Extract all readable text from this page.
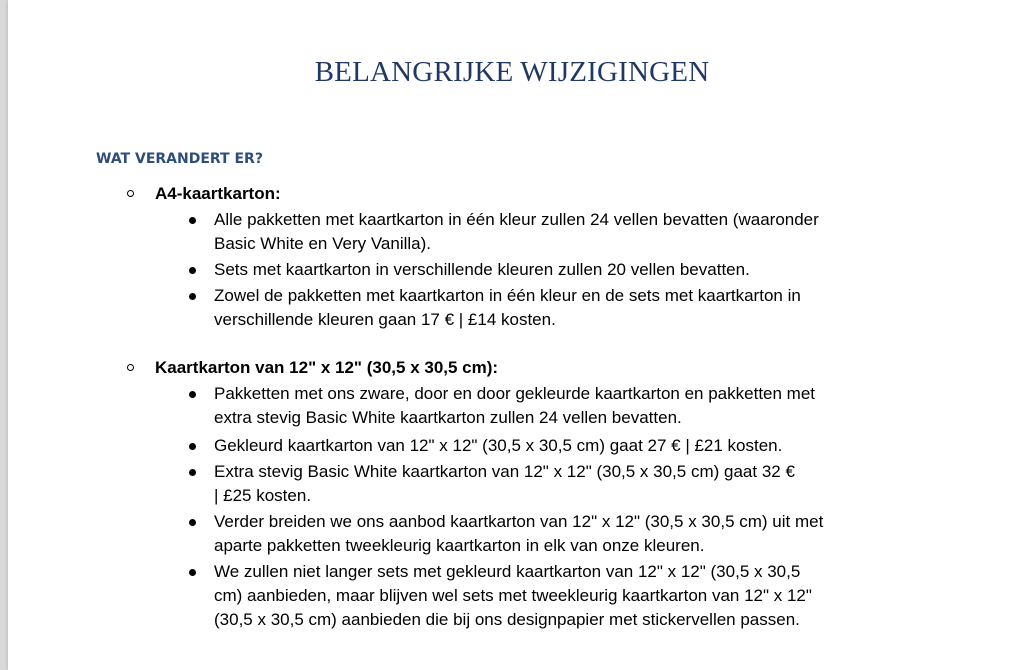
BELANGRIJKE WIJZIGINGEN
WAT VERANDERT ER?
A4-kaartkarton:
Alle pakketten met kaartkarton in één kleur zullen 24 vellen bevatten (waaronder
Basic White en Very Vanilla).
Sets met kaartkarton in verschillende kleuren zullen 20 vellen bevatten.
Zowel de pakketten met kaartkarton in één kleur en de sets met kaartkarton in
verschillende kleuren gaan 17 € | £14 kosten.
Kaartkarton van 12" x 12" (30,5 x 30,5 cm):
Pakketten met ons zware, door en door gekleurde kaartkarton en pakketten met
extra stevig Basic White kaartkarton zullen 24 vellen bevatten.
Gekleurd kaartkarton van 12" x 12" (30,5 x 30,5 cm) gaat 27 € | £21 kosten.
Extra stevig Basic White kaartkarton van 12" x 12" (30,5 x 30,5 cm) gaat 32 €
| £25 kosten.
Verder breiden we ons aanbod kaartkarton van 12" x 12" (30,5 x 30,5 cm) uit met
aparte pakketten tweekleurig kaartkarton in elk van onze kleuren.
We zullen niet langer sets met gekleurd kaartkarton van 12" x 12" (30,5 x 30,5
cm) aanbieden, maar blijven wel sets met tweekleurig kaartkarton van 12" x 12"
(30,5 x 30,5 cm) aanbieden die bij ons designpapier met stickervellen passen.
